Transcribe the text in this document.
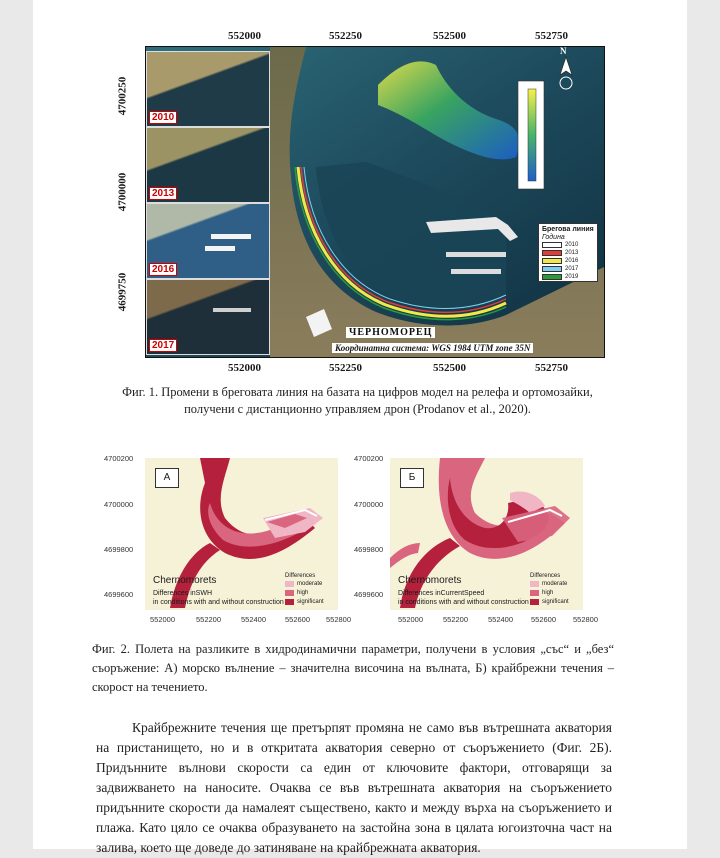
552000	552250	552500	552750
552000	552250	552500	552750
4700250
4700000
4699750
N
2010
2013
2016
2017
Брегова линия
Година
2010
2013
2016
2017
2019
ЧЕРНОМОРЕЦ
Координатна система: WGS 1984 UTM zone 35N
Фиг. 1. Промени в бреговата линия на базата на цифров модел на релефа и ортомозайки, получени с дистанционно управляем дрон (Prodanov et al., 2020).
4700200
4700000
4699800
4699600
4700200
4700000
4699800
4699600
A
Chernomorets
Differences inSWH
in conditions with and without construction
Differences
moderate
high
significant
Б
Chernomorets
Differences inCurrentSpeed
in conditions with and without construction
Differences
moderate
high
significant
552000	552200	552400	552600 552800	552000	552200	552400 552600 552800
Фиг. 2. Полета на разликите в хидродинамични параметри, получени в условия „със“ и „без“ съоръжение: А) морско вълнение – значителна височина на вълната, Б) крайбрежни течения – скорост на течението.

Крайбрежните течения ще претърпят промяна не само във вътрешната акватория на пристанището, но и в откритата акватория северно от съоръжението (Фиг. 2Б). Придънните вълнови скорости са един от ключовите фактори, отговарящи за задвижването на наносите. Очаква се във вътрешната акватория на съоръжението придънните скорости да намалеят съществено, както и между върха на съоръжението и плажа. Като цяло се очаква образуването на застойна зона в цялата югоизточна част на залива, което ще доведе до затиняване на крайбрежната акватория.
